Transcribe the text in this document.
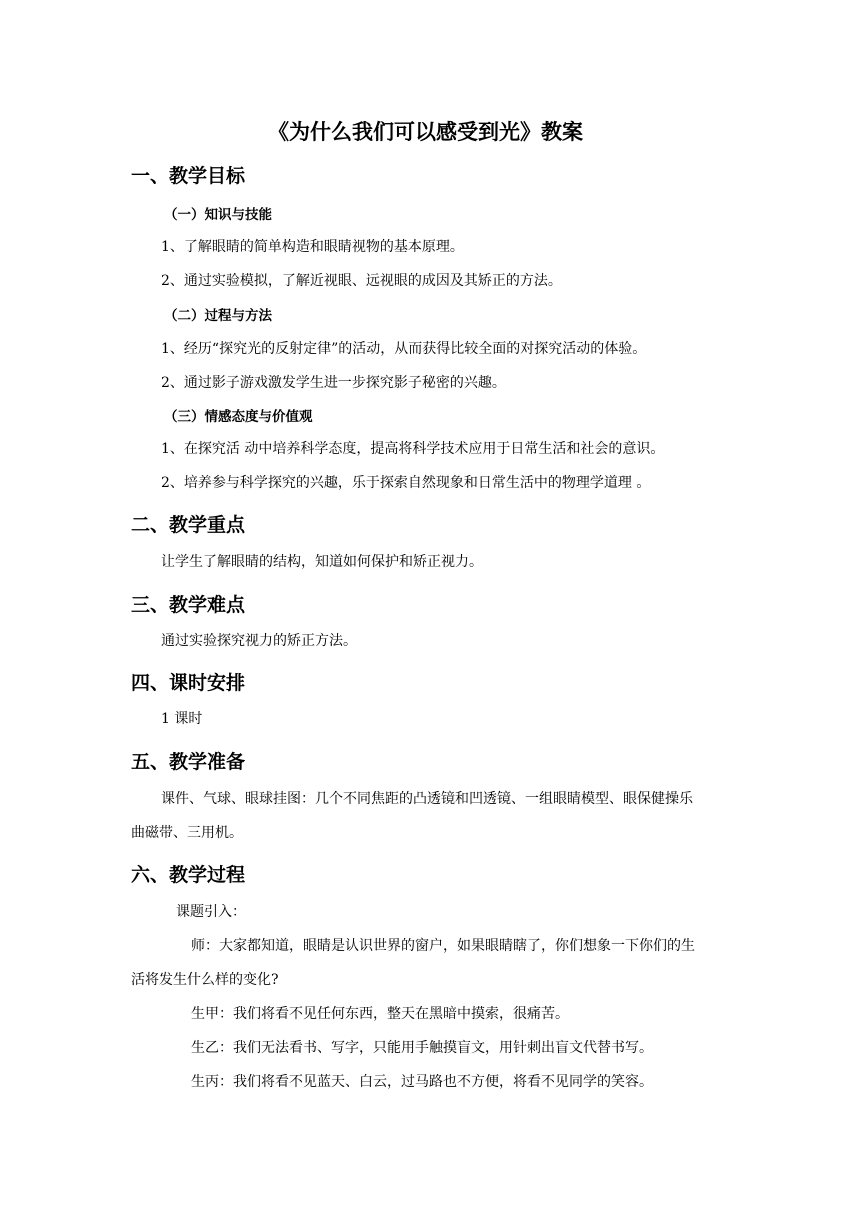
《为什么我们可以感受到光》教案
一、教学目标
（一）知识与技能
1、了解眼睛的简单构造和眼睛视物的基本原理。
2、通过实验模拟，了解近视眼、远视眼的成因及其矫正的方法。
（二）过程与方法
1、经历“探究光的反射定律”的活动，从而获得比较全面的对探究活动的体验。
2、通过影子游戏激发学生进一步探究影子秘密的兴趣。
（三）情感态度与价值观
1、在探究活 动中培养科学态度，提高将科学技术应用于日常生活和社会的意识。
2、培养参与科学探究的兴趣，乐于探索自然现象和日常生活中的物理学道理 。
二、教学重点
让学生了解眼睛的结构，知道如何保护和矫正视力。
三、教学难点
通过实验探究视力的矫正方法。
四、课时安排
1 课时
五、教学准备
课件、气球、眼球挂图：几个不同焦距的凸透镜和凹透镜、一组眼睛模型、眼保健操乐
曲磁带、三用机。
六、教学过程
课题引入：
师：大家都知道，眼睛是认识世界的窗户，如果眼睛瞎了，你们想象一下你们的生
活将发生什么样的变化?
生甲：我们将看不见任何东西，整天在黑暗中摸索，很痛苦。
生乙：我们无法看书、写字，只能用手触摸盲文，用针刺出盲文代替书写。
生丙：我们将看不见蓝天、白云，过马路也不方便，将看不见同学的笑容。
